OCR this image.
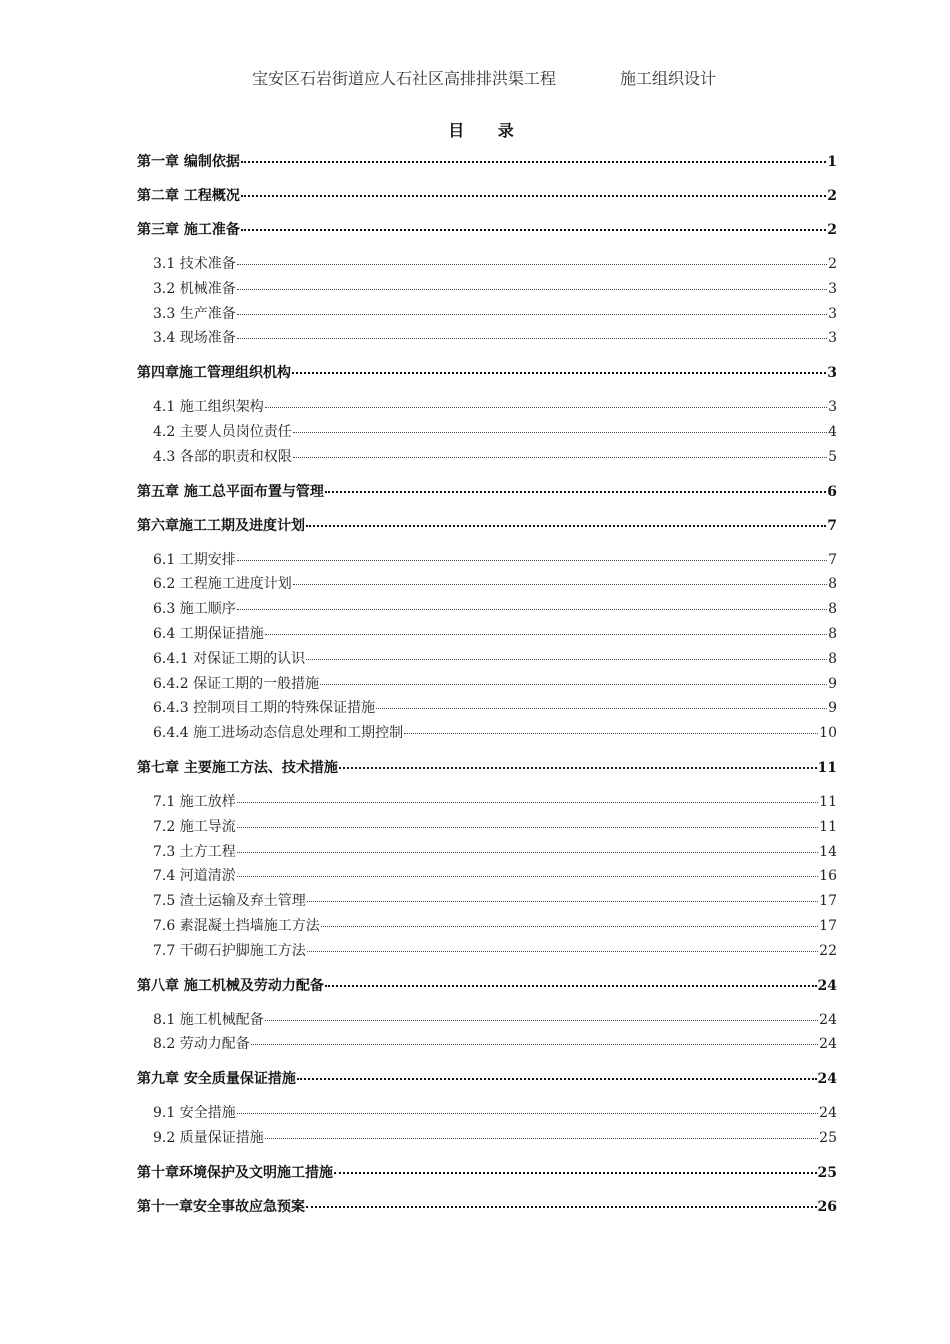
宝安区石岩街道应人石社区高排排洪渠工程	施工组织设计
目 录
第一章 编制依据	1
第二章 工程概况	2
第三章 施工准备	2
3.1 技术准备	2
3.2 机械准备	3
3.3 生产准备	3
3.4 现场准备	3
第四章施工管理组织机构	3
4.1 施工组织架构	3
4.2 主要人员岗位责任	4
4.3 各部的职责和权限	5
第五章 施工总平面布置与管理	6
第六章施工工期及进度计划	7
6.1 工期安排	7
6.2 工程施工进度计划	8
6.3 施工顺序	8
6.4 工期保证措施	8
6.4.1 对保证工期的认识	8
6.4.2 保证工期的一般措施	9
6.4.3 控制项目工期的特殊保证措施	9
6.4.4 施工进场动态信息处理和工期控制	10
第七章 主要施工方法、技术措施	11
7.1 施工放样	11
7.2 施工导流	11
7.3 土方工程	14
7.4 河道清淤	16
7.5 渣土运输及弃土管理	17
7.6 素混凝土挡墙施工方法	17
7.7 干砌石护脚施工方法	22
第八章 施工机械及劳动力配备	24
8.1 施工机械配备	24
8.2 劳动力配备	24
第九章 安全质量保证措施	24
9.1 安全措施	24
9.2 质量保证措施	25
第十章环境保护及文明施工措施	25
第十一章安全事故应急预案	26
